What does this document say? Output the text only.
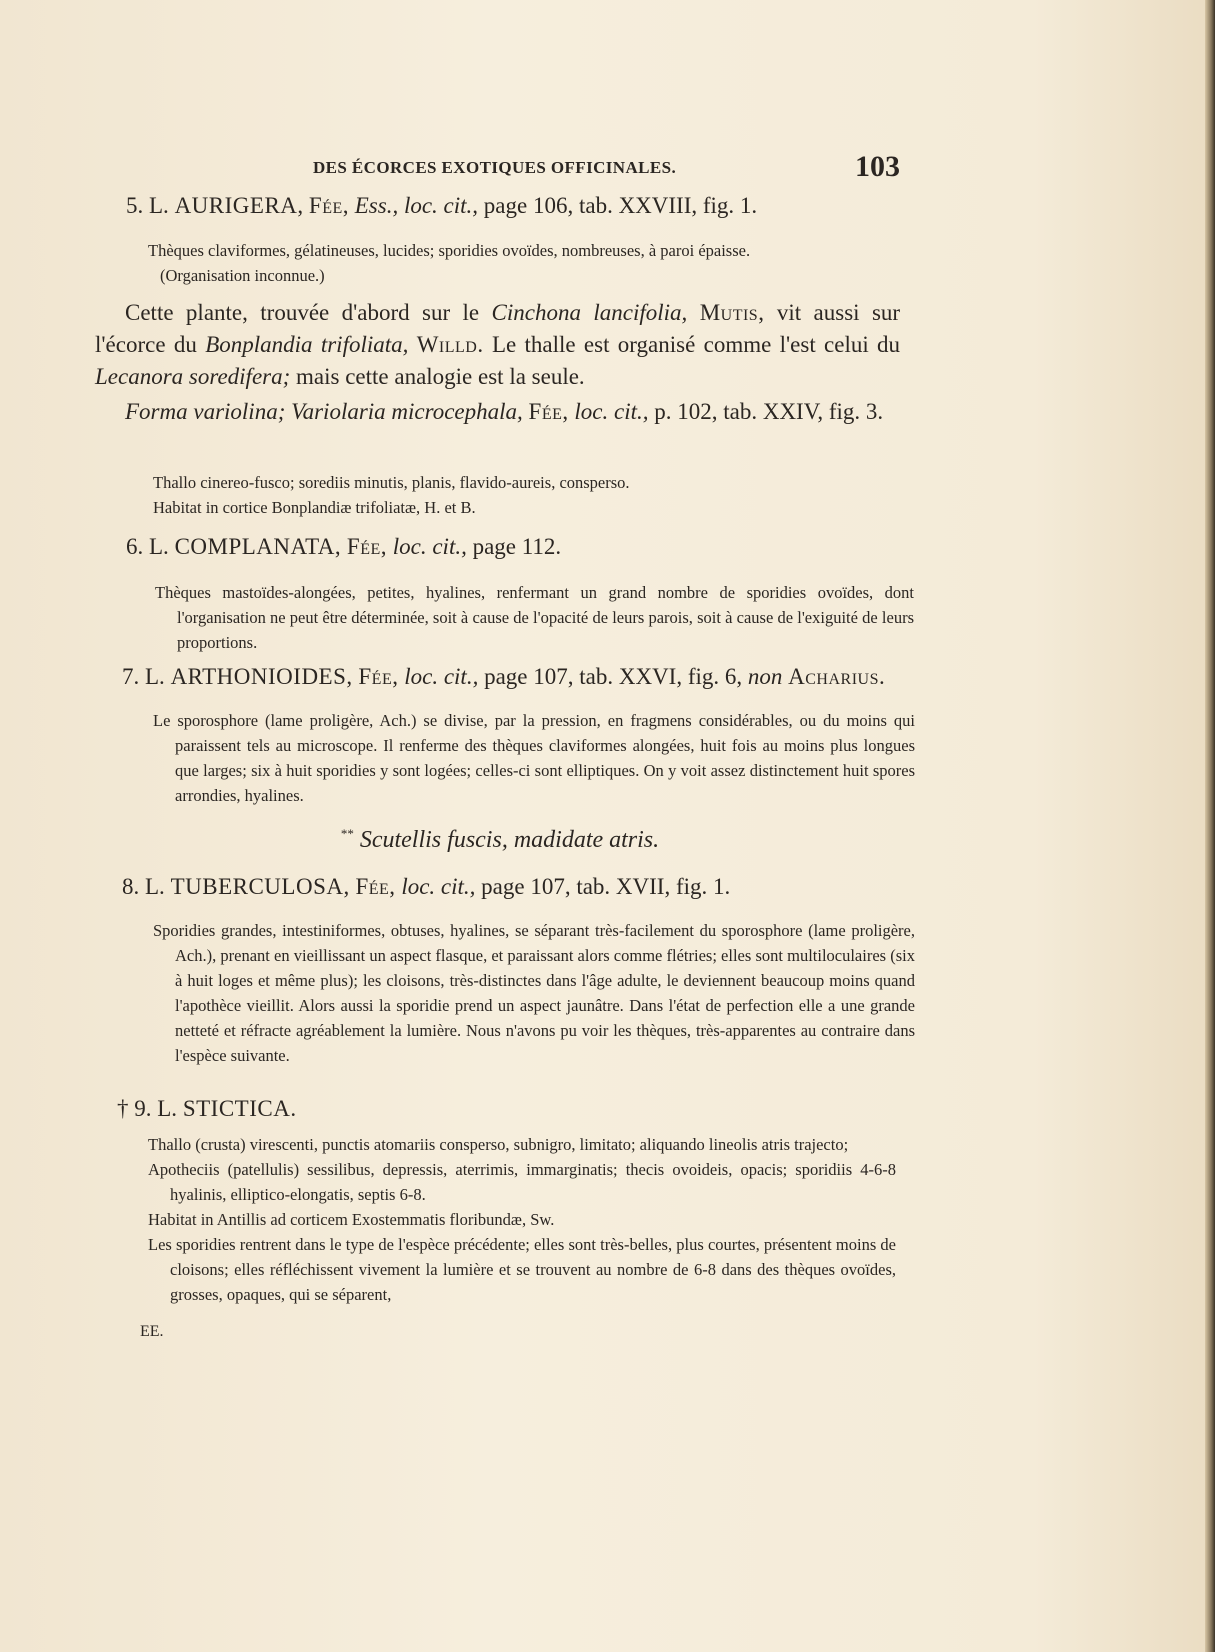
DES ÉCORCES EXOTIQUES OFFICINALES.	103
5. L. AURIGERA, Fée, Ess., loc. cit., page 106, tab. XXVIII, fig. 1.
Thèques claviformes, gélatineuses, lucides; sporidies ovoïdes, nombreuses, à paroi épaisse.
(Organisation inconnue.)
Cette plante, trouvée d'abord sur le Cinchona lancifolia, Mutis, vit aussi sur l'écorce du Bonplandia trifoliata, Willd. Le thalle est organisé comme l'est celui du Lecanora soredifera; mais cette analogie est la seule.
Forma variolina; Variolaria microcephala, Fée, loc. cit., p. 102, tab. XXIV, fig. 3.
Thallo cinereo-fusco; sorediis minutis, planis, flavido-aureis, consperso.
Habitat in cortice Bonplandiæ trifoliatæ, H. et B.
6. L. COMPLANATA, Fée, loc. cit., page 112.
Thèques mastoïdes-alongées, petites, hyalines, renfermant un grand nombre de sporidies ovoïdes, dont l'organisation ne peut être déterminée, soit à cause de l'opacité de leurs parois, soit à cause de l'exiguité de leurs proportions.
7. L. ARTHONIOIDES, Fée, loc. cit., page 107, tab. XXVI, fig. 6, non Acharius.
Le sporosphore (lame proligère, Ach.) se divise, par la pression, en fragmens considérables, ou du moins qui paraissent tels au microscope. Il renferme des thèques claviformes alongées, huit fois au moins plus longues que larges; six à huit sporidies y sont logées; celles-ci sont elliptiques. On y voit assez distinctement huit spores arrondies, hyalines.
** Scutellis fuscis, madidate atris.
8. L. TUBERCULOSA, Fée, loc. cit., page 107, tab. XVII, fig. 1.
Sporidies grandes, intestiniformes, obtuses, hyalines, se séparant très-facilement du sporosphore (lame proligère, Ach.), prenant en vieillissant un aspect flasque, et paraissant alors comme flétries; elles sont multiloculaires (six à huit loges et même plus); les cloisons, très-distinctes dans l'âge adulte, le deviennent beaucoup moins quand l'apothèce vieillit. Alors aussi la sporidie prend un aspect jaunâtre. Dans l'état de perfection elle a une grande netteté et réfracte agréablement la lumière. Nous n'avons pu voir les thèques, très-apparentes au contraire dans l'espèce suivante.
† 9. L. STICTICA.
Thallo (crusta) virescenti, punctis atomariis consperso, subnigro, limitato; aliquando lineolis atris trajecto;
Apotheciis (patellulis) sessilibus, depressis, aterrimis, immarginatis; thecis ovoideis, opacis; sporidiis 4-6-8 hyalinis, elliptico-elongatis, septis 6-8.
Habitat in Antillis ad corticem Exostemmatis floribundæ, Sw.
Les sporidies rentrent dans le type de l'espèce précédente; elles sont très-belles, plus courtes, présentent moins de cloisons; elles réfléchissent vivement la lumière et se trouvent au nombre de 6-8 dans des thèques ovoïdes, grosses, opaques, qui se séparent,
EE.
